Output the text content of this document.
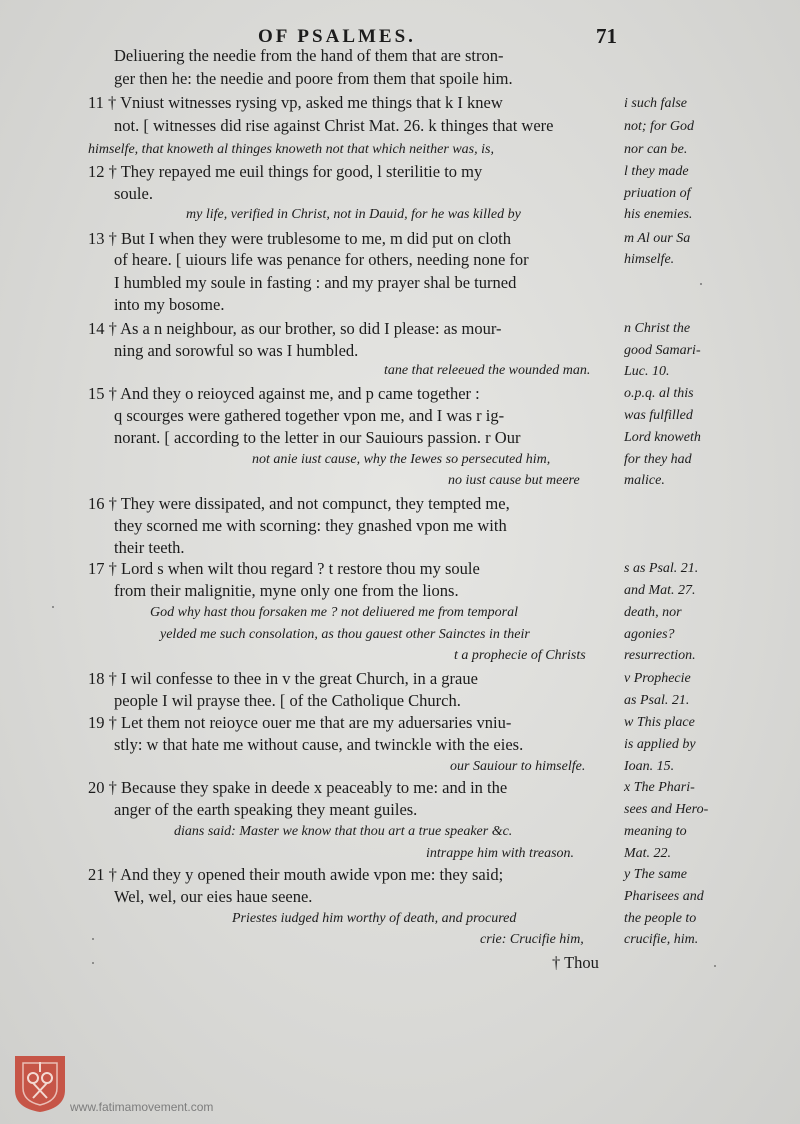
OF PSALMES.	71
Deliuering the needie from the hand of them that are stron-
ger then he: the needie and poore from them that spoile him.
11 † Vniust witnesses rysing vp, asked me things that k I knew
not. [ witnesses did rise against Christ Mat. 26. k thinges that were
himselfe, that knoweth al thinges knoweth not that which neither was, is,
12 † They repayed me euil things for good, l sterilitie to my
soule.
my life, verified in Christ, not in Dauid, for he was killed by
13 † But I when they were trublesome to me, m did put on cloth
of heare. [ uiours life was penance for others, needing none for
I humbled my soule in fasting : and my prayer shal be turned
into my bosome.
14 † As a n neighbour, as our brother, so did I please: as mour-
ning and sorowful so was I humbled.
tane that releeued the wounded man.
15 † And they o reioyced against me, and p came together :
q scourges were gathered together vpon me, and I was r ig-
norant. [ according to the letter in our Sauiours passion. r Our
not anie iust cause, why the Iewes so persecuted him,
no iust cause but meere
16 † They were dissipated, and not compunct, they tempted me,
they scorned me with scorning: they gnashed vpon me with
their teeth.
17 † Lord s when wilt thou regard ? t restore thou my soule
from their malignitie, myne only one from the lions.
God why hast thou forsaken me ? not deliuered me from temporal
yelded me such consolation, as thou gauest other Sainctes in their
t a prophecie of Christs
18 † I wil confesse to thee in v the great Church, in a graue
people I wil prayse thee. [ of the Catholique Church.
19 † Let them not reioyce ouer me that are my aduersaries vniu-
stly: w that hate me without cause, and twinckle with the eies.
our Sauiour to himselfe.
20 † Because they spake in deede x peaceably to me: and in the
anger of the earth speaking they meant guiles.
dians said: Master we know that thou art a true speaker &c.
intrappe him with treason.
21 † And they y opened their mouth awide vpon me: they said;
Wel, wel, our eies haue seene.
Priestes iudged him worthy of death, and procured
crie: Crucifie him,
† Thou
i such false
not; for God
nor can be.
l they made
priuation of
his enemies.
m Al our Sa
himselfe.
n Christ the
good Samari-
Luc. 10.
o.p.q. al this
was fulfilled
Lord knoweth
for they had
malice.
s as Psal. 21.
and Mat. 27.
death, nor
agonies?
resurrection.
v Prophecie
as Psal. 21.
w This place
is applied by
Ioan. 15.
x The Phari-
sees and Hero-
meaning to
Mat. 22.
y The same
Pharisees and
the people to
crucifie, him.
www.fatimamovement.com
